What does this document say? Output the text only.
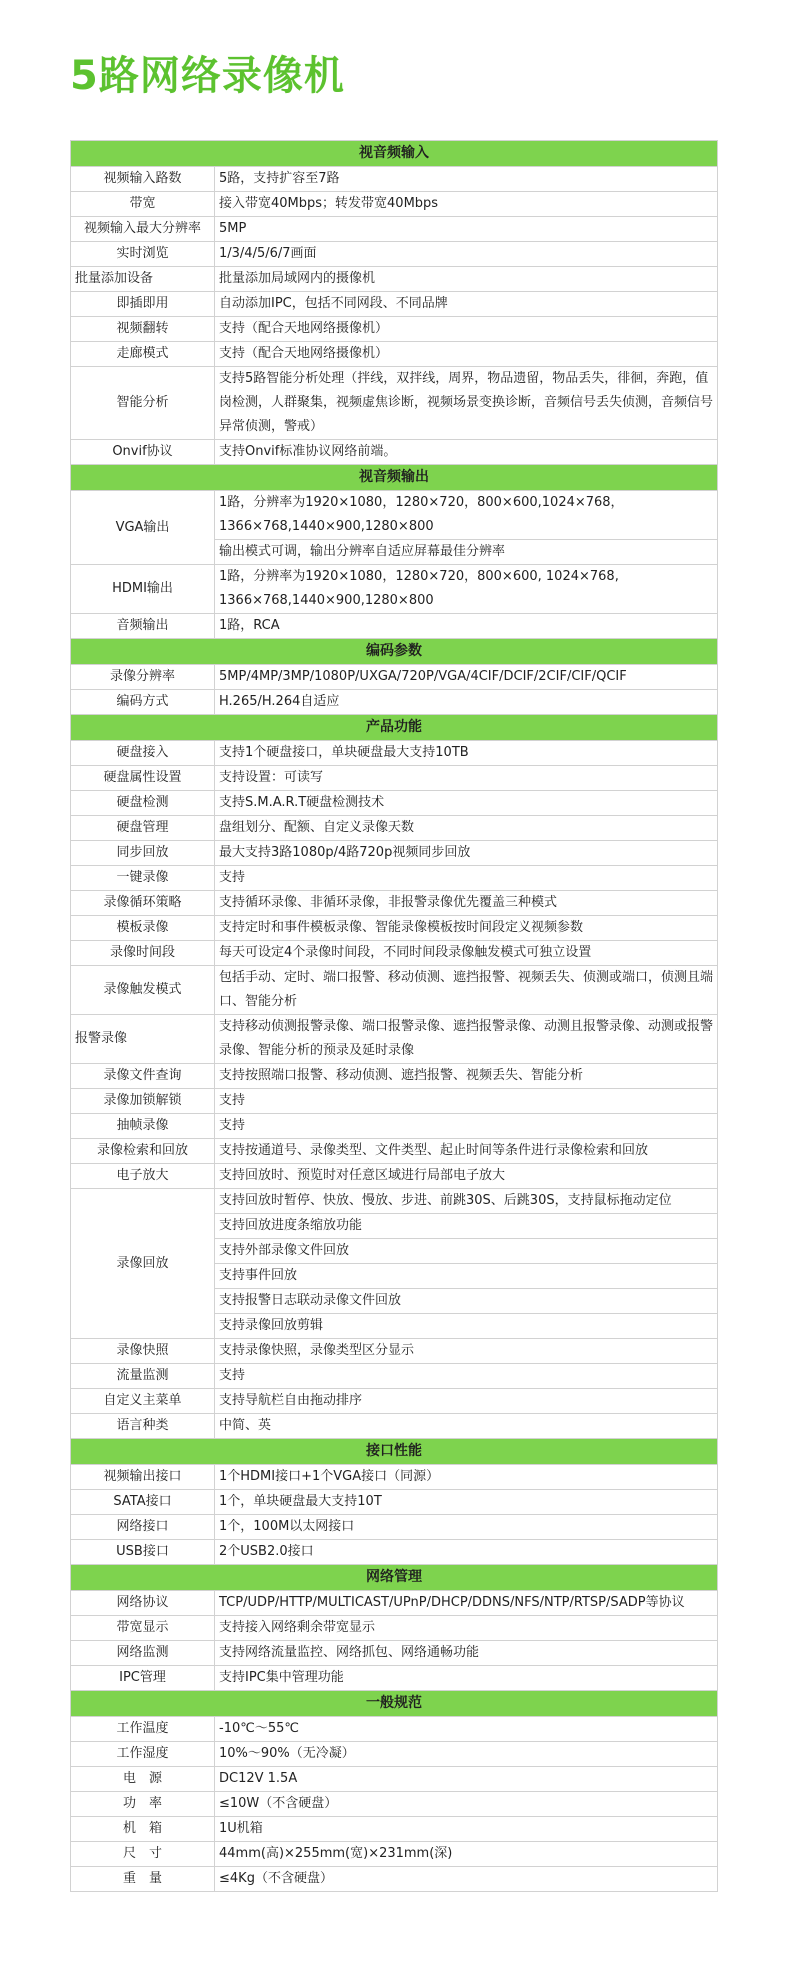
5路网络录像机
视音频输入	
视频输入路数	5路，支持扩容至7路
带宽	接入带宽40Mbps；转发带宽40Mbps
视频输入最大分辨率	5MP
实时浏览	1/3/4/5/6/7画面
批量添加设备	批量添加局域网内的摄像机
即插即用	自动添加IPC，包括不同网段、不同品牌
视频翻转	支持（配合天地网络摄像机）
走廊模式	支持（配合天地网络摄像机）
智能分析	支持5路智能分析处理（拌线，双拌线，周界，物品遗留，物品丢失，徘徊，奔跑，值岗检测，人群聚集，视频虚焦诊断，视频场景变换诊断，音频信号丢失侦测，音频信号异常侦测，警戒）
Onvif协议	支持Onvif标准协议网络前端。
视音频输出	
VGA输出	1路，分辨率为1920×1080，1280×720，800×600,1024×768，1366×768,1440×900,1280×800
	输出模式可调，输出分辨率自适应屏幕最佳分辨率
HDMI输出	1路，分辨率为1920×1080，1280×720，800×600, 1024×768, 1366×768,1440×900,1280×800
音频输出	1路，RCA
编码参数	
录像分辨率	5MP/4MP/3MP/1080P/UXGA/720P/VGA/4CIF/DCIF/2CIF/CIF/QCIF
编码方式	H.265/H.264自适应
产品功能	
硬盘接入	支持1个硬盘接口，单块硬盘最大支持10TB
硬盘属性设置	支持设置：可读写
硬盘检测	支持S.M.A.R.T硬盘检测技术
硬盘管理	盘组划分、配额、自定义录像天数
同步回放	最大支持3路1080p/4路720p视频同步回放
一键录像	支持
录像循环策略	支持循环录像、非循环录像，非报警录像优先覆盖三种模式
模板录像	支持定时和事件模板录像、智能录像模板按时间段定义视频参数
录像时间段	每天可设定4个录像时间段，不同时间段录像触发模式可独立设置
录像触发模式	包括手动、定时、端口报警、移动侦测、遮挡报警、视频丢失、侦测或端口，侦测且端口、智能分析
报警录像	支持移动侦测报警录像、端口报警录像、遮挡报警录像、动测且报警录像、动测或报警录像、智能分析的预录及延时录像
录像文件查询	支持按照端口报警、移动侦测、遮挡报警、视频丢失、智能分析
录像加锁解锁	支持
抽帧录像	支持
录像检索和回放	支持按通道号、录像类型、文件类型、起止时间等条件进行录像检索和回放
电子放大	支持回放时、预览时对任意区域进行局部电子放大
录像回放	支持回放时暂停、快放、慢放、步进、前跳30S、后跳30S，支持鼠标拖动定位
	支持回放进度条缩放功能
	支持外部录像文件回放
	支持事件回放
	支持报警日志联动录像文件回放
	支持录像回放剪辑
录像快照	支持录像快照，录像类型区分显示
流量监测	支持
自定义主菜单	支持导航栏自由拖动排序
语言种类	中简、英
接口性能	
视频输出接口	1个HDMI接口+1个VGA接口（同源）
SATA接口	1个，单块硬盘最大支持10T
网络接口	1个，100M以太网接口
USB接口	2个USB2.0接口
网络管理	
网络协议	TCP/UDP/HTTP/MULTICAST/UPnP/DHCP/DDNS/NFS/NTP/RTSP/SADP等协议
带宽显示	支持接入网络剩余带宽显示
网络监测	支持网络流量监控、网络抓包、网络通畅功能
IPC管理	支持IPC集中管理功能
一般规范	
工作温度	-10℃～55℃
工作湿度	10%～90%（无冷凝）
电　源	DC12V 1.5A
功　率	≤10W（不含硬盘）
机　箱	1U机箱
尺　寸	44mm(高)×255mm(宽)×231mm(深)
重　量	≤4Kg（不含硬盘）
